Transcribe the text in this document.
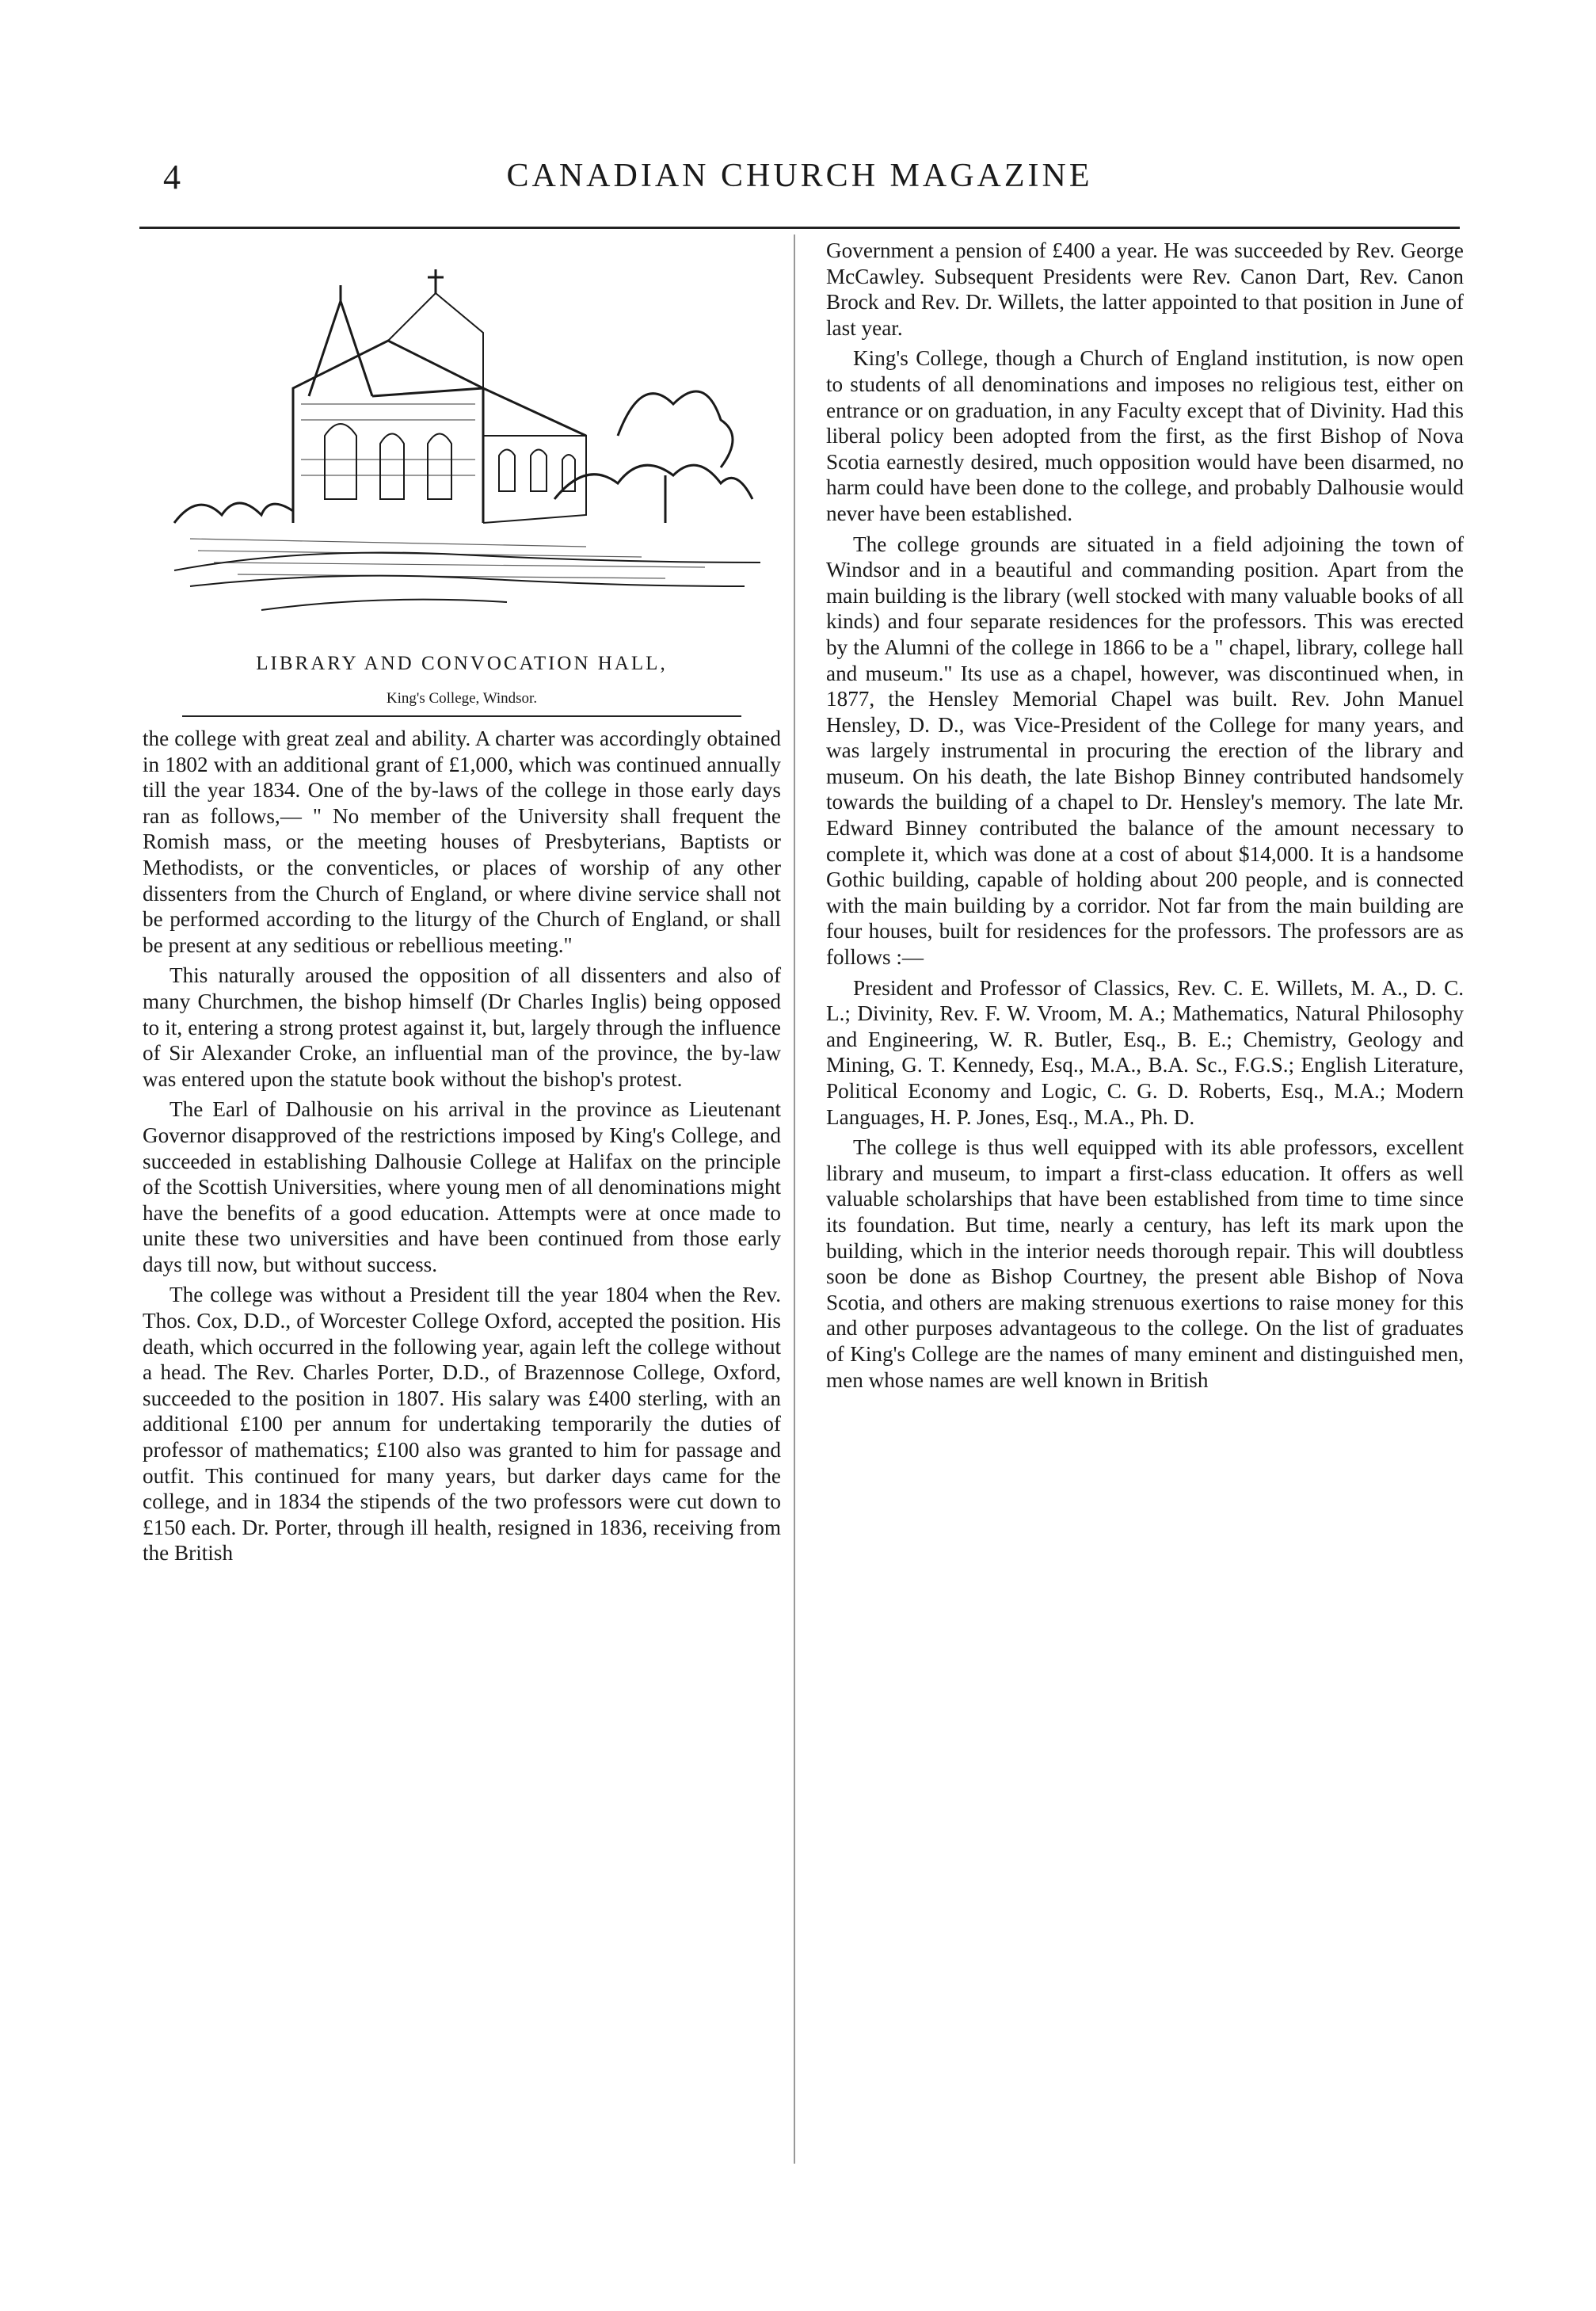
4	CANADIAN CHURCH MAGAZINE
LIBRARY AND CONVOCATION HALL,
King's College, Windsor.

the college with great zeal and ability. A charter was accordingly obtained in 1802 with an additional grant of £1,000, which was continued annually till the year 1834. One of the by-laws of the college in those early days ran as follows,— " No member of the University shall frequent the Romish mass, or the meeting houses of Presbyterians, Baptists or Methodists, or the conventicles, or places of worship of any other dissenters from the Church of England, or where divine service shall not be performed according to the liturgy of the Church of England, or shall be present at any seditious or rebellious meeting."

This naturally aroused the opposition of all dissenters and also of many Churchmen, the bishop himself (Dr Charles Inglis) being opposed to it, entering a strong protest against it, but, largely through the influence of Sir Alexander Croke, an influential man of the province, the by-law was entered upon the statute book without the bishop's protest.

The Earl of Dalhousie on his arrival in the province as Lieutenant Governor disapproved of the restrictions imposed by King's College, and succeeded in establishing Dalhousie College at Halifax on the principle of the Scottish Universities, where young men of all denominations might have the benefits of a good education. Attempts were at once made to unite these two universities and have been continued from those early days till now, but without success.

The college was without a President till the year 1804 when the Rev. Thos. Cox, D.D., of Worcester College Oxford, accepted the position. His death, which occurred in the following year, again left the college without a head. The Rev. Charles Porter, D.D., of Brazennose College, Oxford, succeeded to the position in 1807. His salary was £400 sterling, with an additional £100 per annum for undertaking temporarily the duties of professor of mathematics; £100 also was granted to him for passage and outfit. This continued for many years, but darker days came for the college, and in 1834 the stipends of the two professors were cut down to £150 each. Dr. Porter, through ill health, resigned in 1836, receiving from the British

Government a pension of £400 a year. He was succeeded by Rev. George McCawley. Subsequent Presidents were Rev. Canon Dart, Rev. Canon Brock and Rev. Dr. Willets, the latter appointed to that position in June of last year.

King's College, though a Church of England institution, is now open to students of all denominations and imposes no religious test, either on entrance or on graduation, in any Faculty except that of Divinity. Had this liberal policy been adopted from the first, as the first Bishop of Nova Scotia earnestly desired, much opposition would have been disarmed, no harm could have been done to the college, and probably Dalhousie would never have been established.

The college grounds are situated in a field adjoining the town of Windsor and in a beautiful and commanding position. Apart from the main building is the library (well stocked with many valuable books of all kinds) and four separate residences for the professors. This was erected by the Alumni of the college in 1866 to be a " chapel, library, college hall and museum." Its use as a chapel, however, was discontinued when, in 1877, the Hensley Memorial Chapel was built. Rev. John Manuel Hensley, D. D., was Vice-President of the College for many years, and was largely instrumental in procuring the erection of the library and museum. On his death, the late Bishop Binney contributed handsomely towards the building of a chapel to Dr. Hensley's memory. The late Mr. Edward Binney contributed the balance of the amount necessary to complete it, which was done at a cost of about $14,000. It is a handsome Gothic building, capable of holding about 200 people, and is connected with the main building by a corridor. Not far from the main building are four houses, built for residences for the professors. The professors are as follows :—

President and Professor of Classics, Rev. C. E. Willets, M. A., D. C. L.; Divinity, Rev. F. W. Vroom, M. A.; Mathematics, Natural Philosophy and Engineering, W. R. Butler, Esq., B. E.; Chemistry, Geology and Mining, G. T. Kennedy, Esq., M.A., B.A. Sc., F.G.S.; English Literature, Political Economy and Logic, C. G. D. Roberts, Esq., M.A.; Modern Languages, H. P. Jones, Esq., M.A., Ph. D.

The college is thus well equipped with its able professors, excellent library and museum, to impart a first-class education. It offers as well valuable scholarships that have been established from time to time since its foundation. But time, nearly a century, has left its mark upon the building, which in the interior needs thorough repair. This will doubtless soon be done as Bishop Courtney, the present able Bishop of Nova Scotia, and others are making strenuous exertions to raise money for this and other purposes advantageous to the college. On the list of graduates of King's College are the names of many eminent and distinguished men, men whose names are well known in British
